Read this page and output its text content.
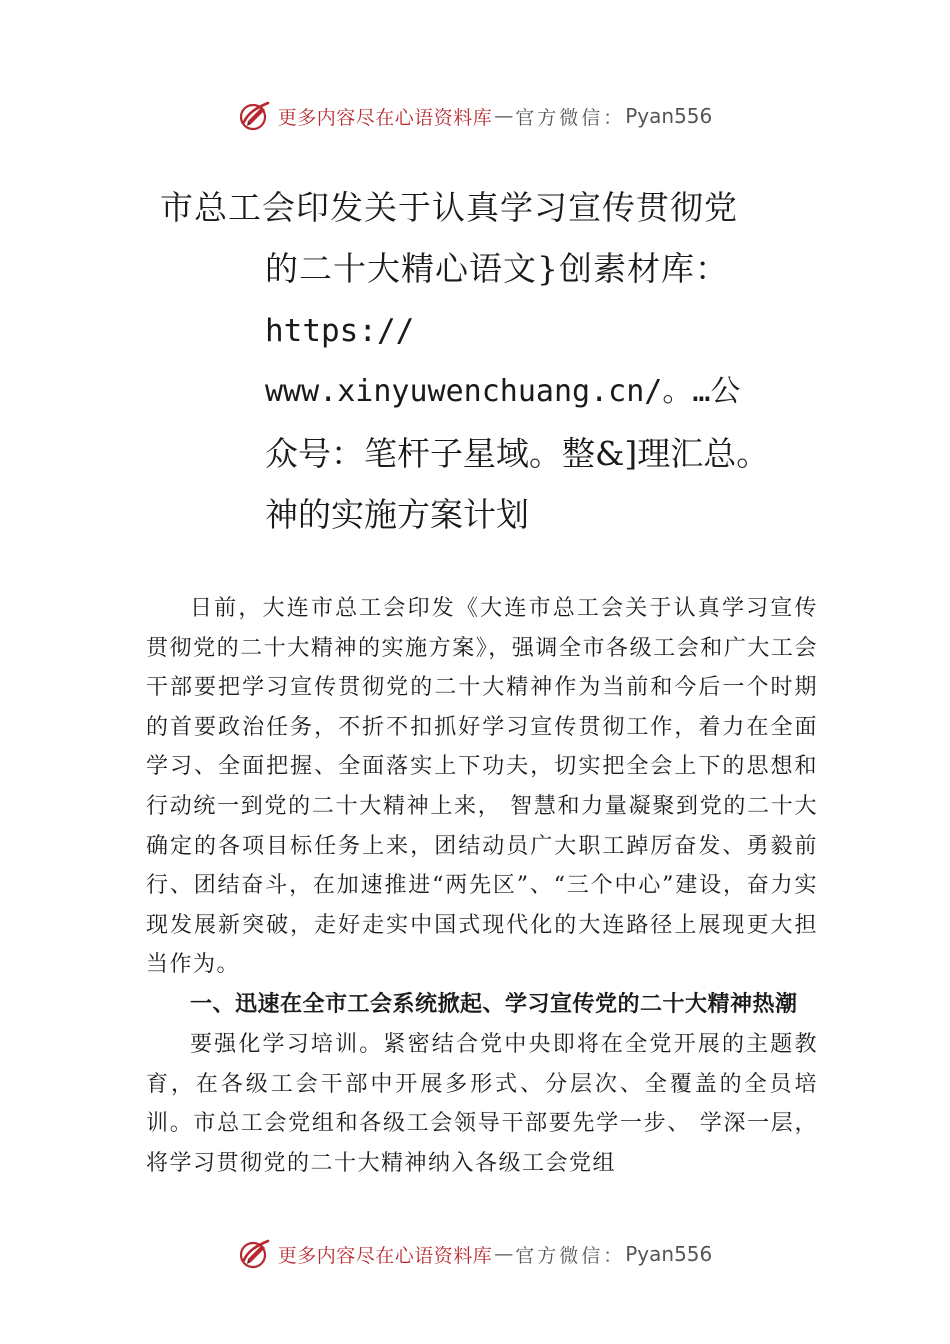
更多内容尽在心语资料库 — 官方微信： Pyan556
市总工会印发关于认真学习宣传贯彻党
的二十大精心语文}创素材库：
https://
www.xinyuwenchuang.cn/。…公
众号：笔杆子星域。整&]理汇总。
神的实施方案计划

日前，大连市总工会印发《大连市总工会关于认真学习宣传贯彻党的二十大精神的实施方案》，强调全市各级工会和广大工会干部要把学习宣传贯彻党的二十大精神作为当前和今后一个时期的首要政治任务，不折不扣抓好学习宣传贯彻工作，着力在全面学习、全面把握、全面落实上下功夫，切实把全会上下的思想和行动统一到党的二十大精神上来， 智慧和力量凝聚到党的二十大确定的各项目标任务上来，团结动员广大职工踔厉奋发、勇毅前行、团结奋斗，在加速推进“两先区”、“三个中心”建设，奋力实现发展新突破，走好走实中国式现代化的大连路径上展现更大担当作为。

一、迅速在全市工会系统掀起、学习宣传党的二十大精神热潮

要强化学习培训。紧密结合党中央即将在全党开展的主题教育，在各级工会干部中开展多形式、分层次、全覆盖的全员培训。市总工会党组和各级工会领导干部要先学一步、 学深一层，将学习贯彻党的二十大精神纳入各级工会党组

更多内容尽在心语资料库 — 官方微信： Pyan556
